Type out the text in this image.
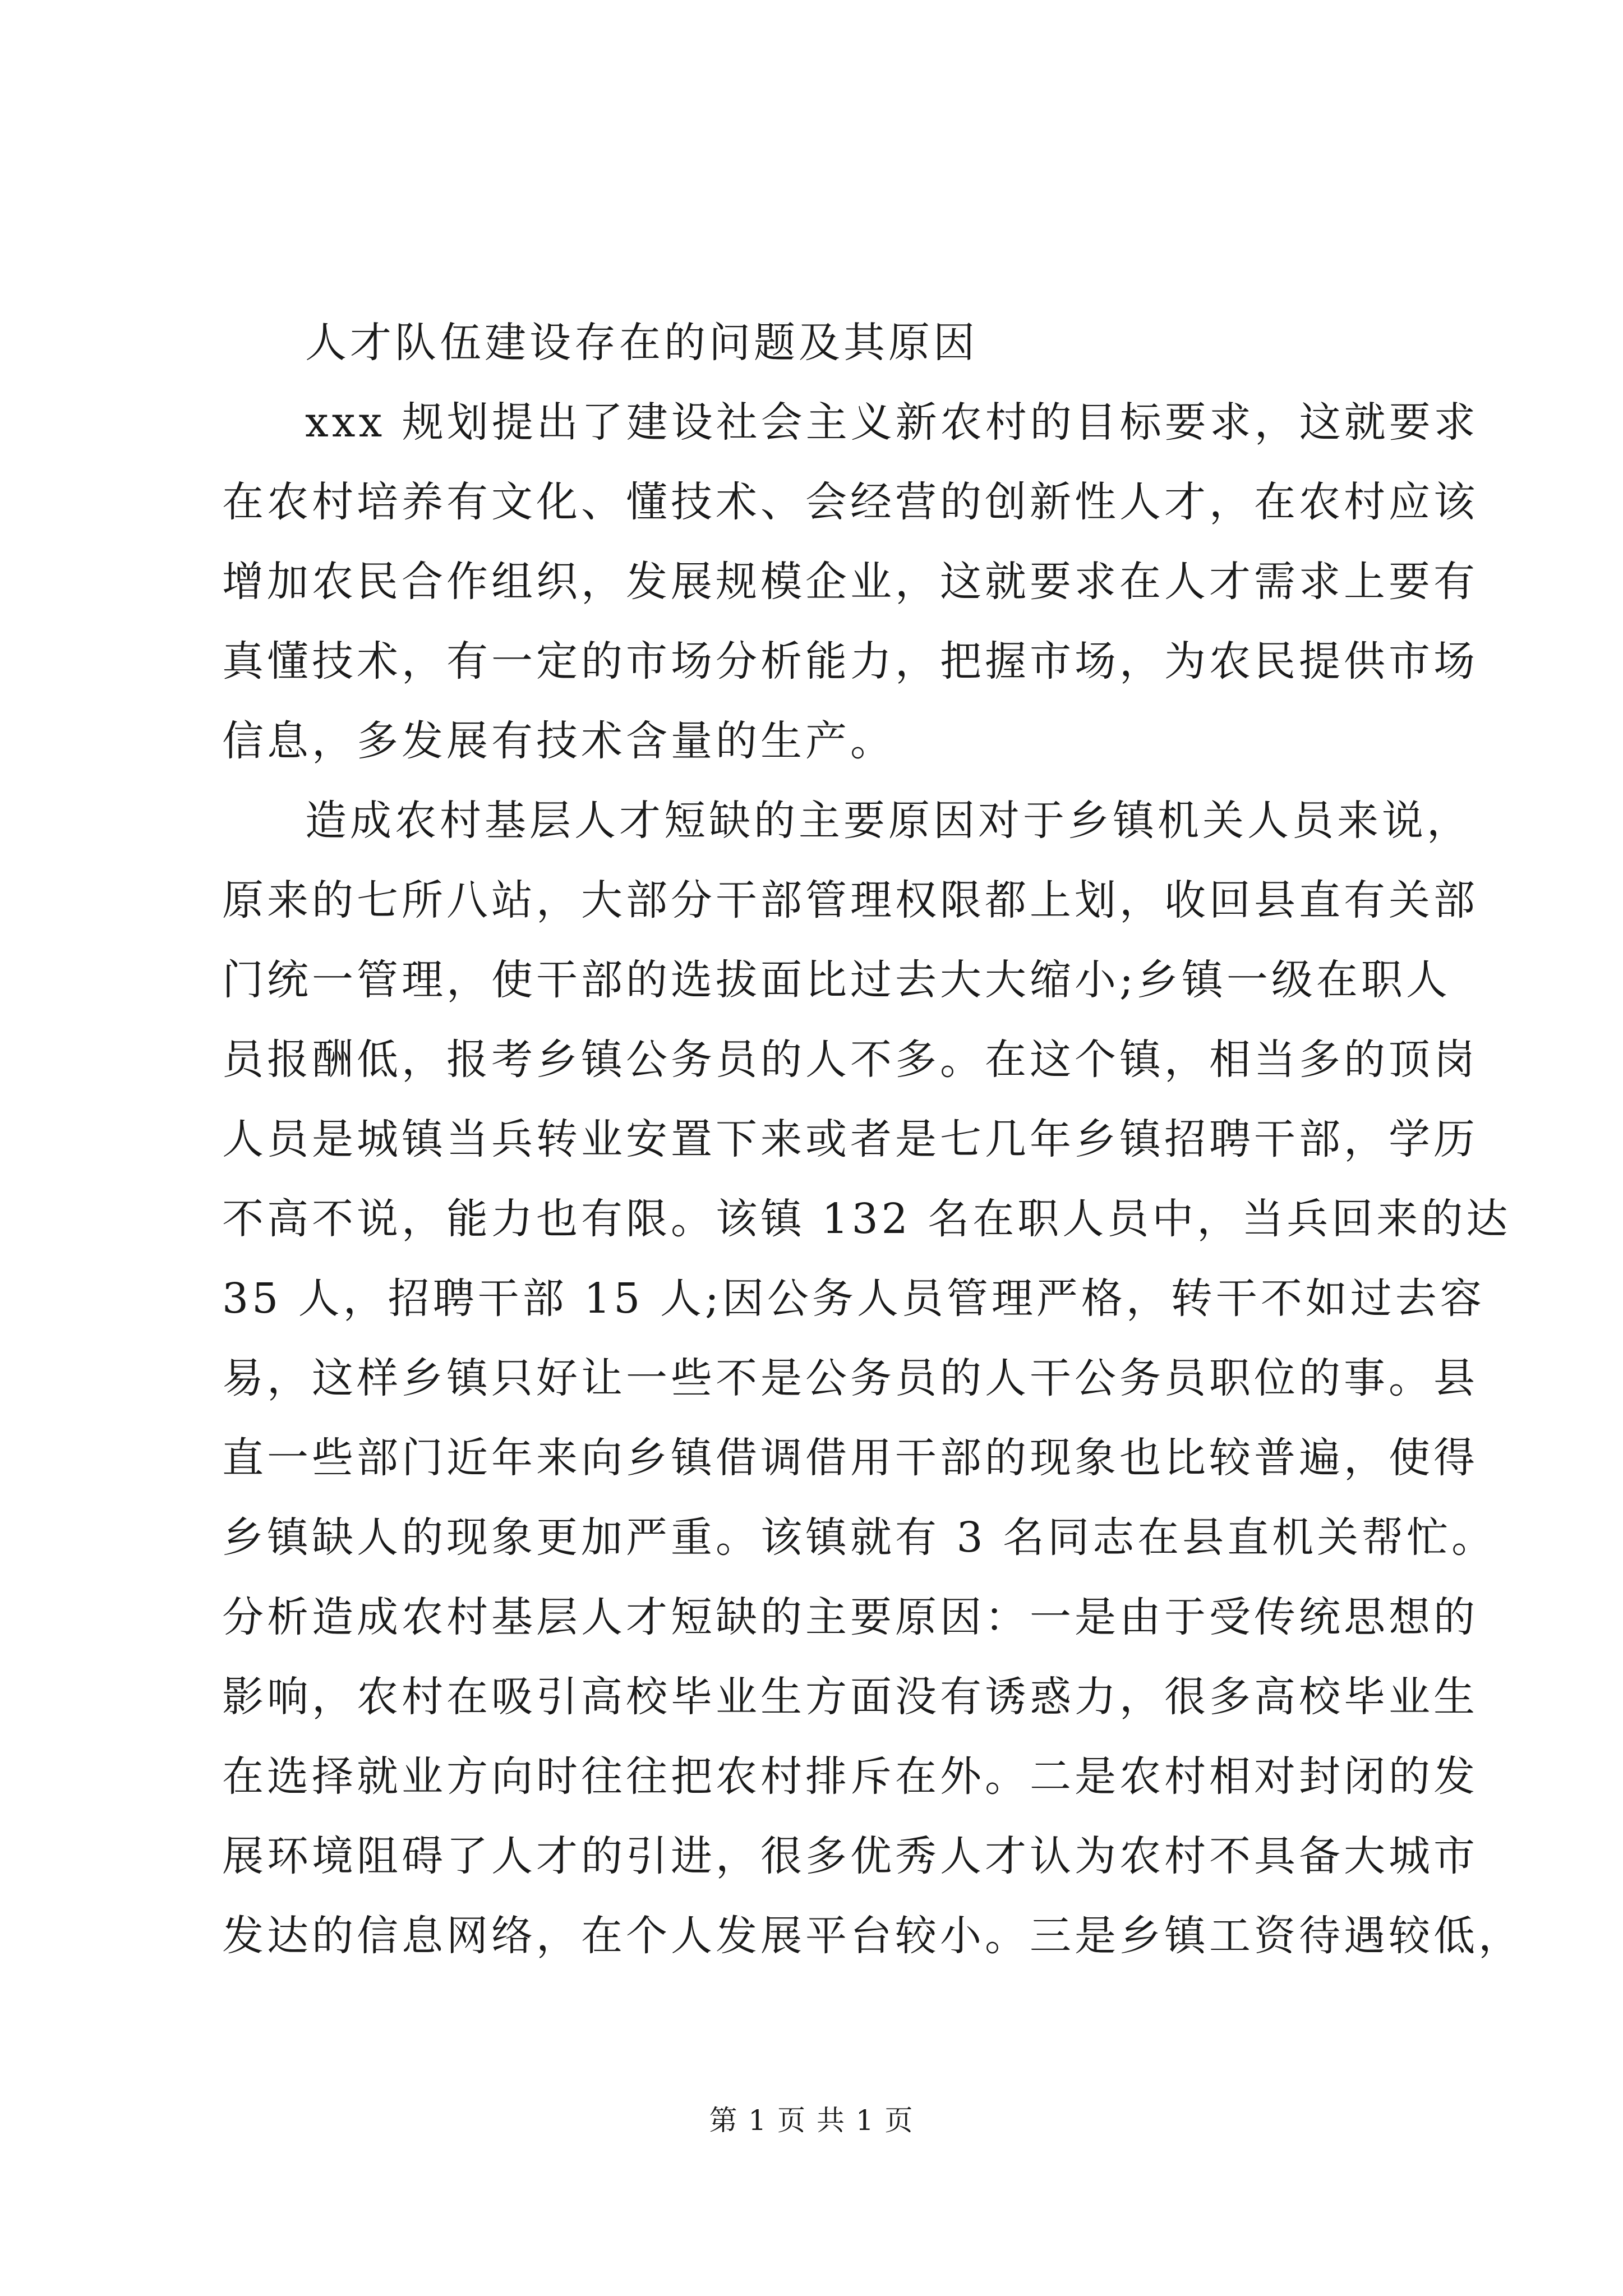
人才队伍建设存在的问题及其原因
xxx 规划提出了建设社会主义新农村的目标要求，这就要求
在农村培养有文化、懂技术、会经营的创新性人才，在农村应该
增加农民合作组织，发展规模企业，这就要求在人才需求上要有
真懂技术，有一定的市场分析能力，把握市场，为农民提供市场
信息，多发展有技术含量的生产。
造成农村基层人才短缺的主要原因对于乡镇机关人员来说，
原来的七所八站，大部分干部管理权限都上划，收回县直有关部
门统一管理，使干部的选拔面比过去大大缩小;乡镇一级在职人
员报酬低，报考乡镇公务员的人不多。在这个镇，相当多的顶岗
人员是城镇当兵转业安置下来或者是七几年乡镇招聘干部，学历
不高不说，能力也有限。该镇 132 名在职人员中，当兵回来的达
35 人，招聘干部 15 人;因公务人员管理严格，转干不如过去容
易，这样乡镇只好让一些不是公务员的人干公务员职位的事。县
直一些部门近年来向乡镇借调借用干部的现象也比较普遍，使得
乡镇缺人的现象更加严重。该镇就有 3 名同志在县直机关帮忙。
分析造成农村基层人才短缺的主要原因：一是由于受传统思想的
影响，农村在吸引高校毕业生方面没有诱惑力，很多高校毕业生
在选择就业方向时往往把农村排斥在外。二是农村相对封闭的发
展环境阻碍了人才的引进，很多优秀人才认为农村不具备大城市
发达的信息网络，在个人发展平台较小。三是乡镇工资待遇较低，
第 1 页 共 1 页
